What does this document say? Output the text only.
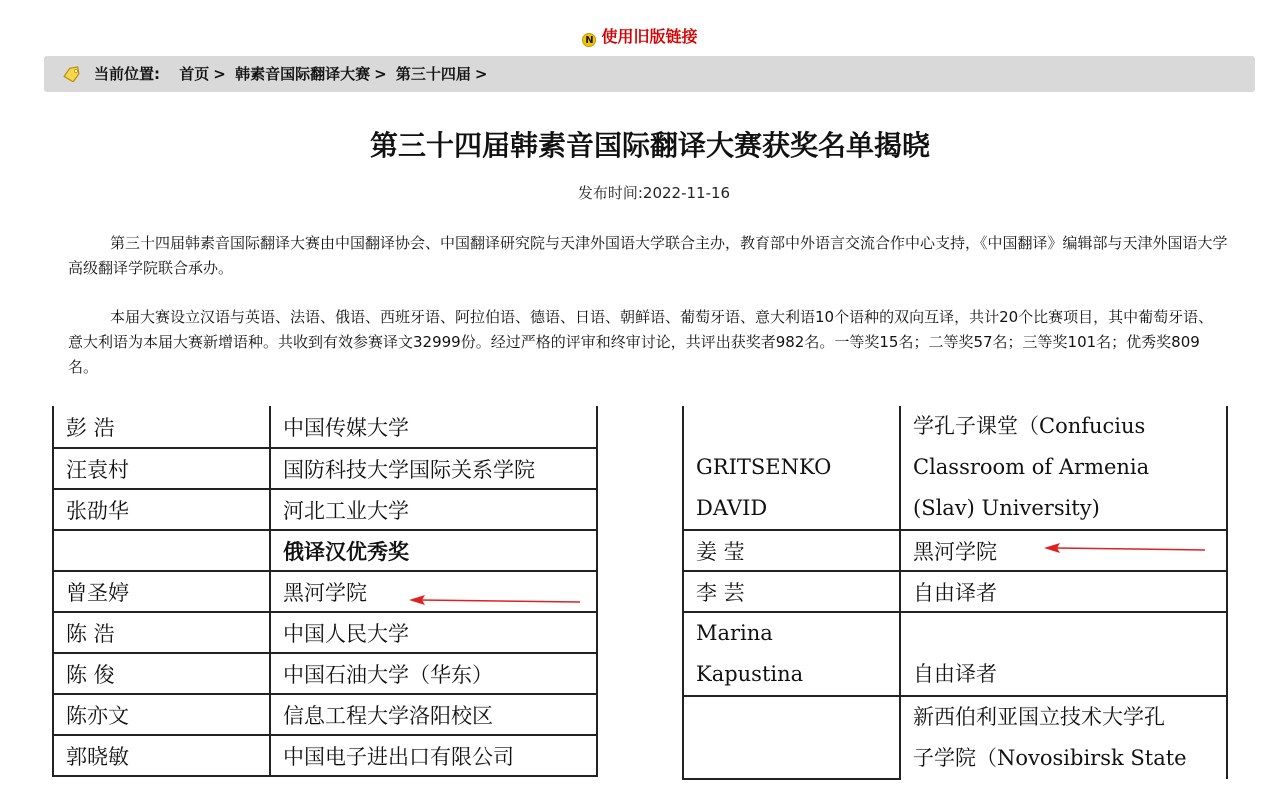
N 使用旧版链接
当前位置: 首页 > 韩素音国际翻译大赛 > 第三十四届 >
第三十四届韩素音国际翻译大赛获奖名单揭晓
发布时间:2022-11-16

第三十四届韩素音国际翻译大赛由中国翻译协会、中国翻译研究院与天津外国语大学联合主办，教育部中外语言交流合作中心支持，《中国翻译》编辑部与天津外国语大学高级翻译学院联合承办。

本届大赛设立汉语与英语、法语、俄语、西班牙语、阿拉伯语、德语、日语、朝鲜语、葡萄牙语、意大利语10个语种的双向互译，共计20个比赛项目，其中葡萄牙语、意大利语为本届大赛新增语种。共收到有效参赛译文32999份。经过严格的评审和终审讨论，共评出获奖者982名。一等奖15名；二等奖57名；三等奖101名；优秀奖809名。

彭 浩	中国传媒大学
汪袁村	国防科技大学国际关系学院
张劭华	河北工业大学
	俄译汉优秀奖
曾圣婷	黑河学院
陈 浩	中国人民大学
陈 俊	中国石油大学（华东）
陈亦文	信息工程大学洛阳校区
郭晓敏	中国电子进出口有限公司
GRITSENKO
DAVID	学孔子课堂（Confucius
Classroom of Armenia
(Slav) University)

姜 莹	黑河学院
李 芸	自由译者

Marina
Kapustina	自由译者

	新西伯利亚国立技术大学孔
子学院（Novosibirsk State
